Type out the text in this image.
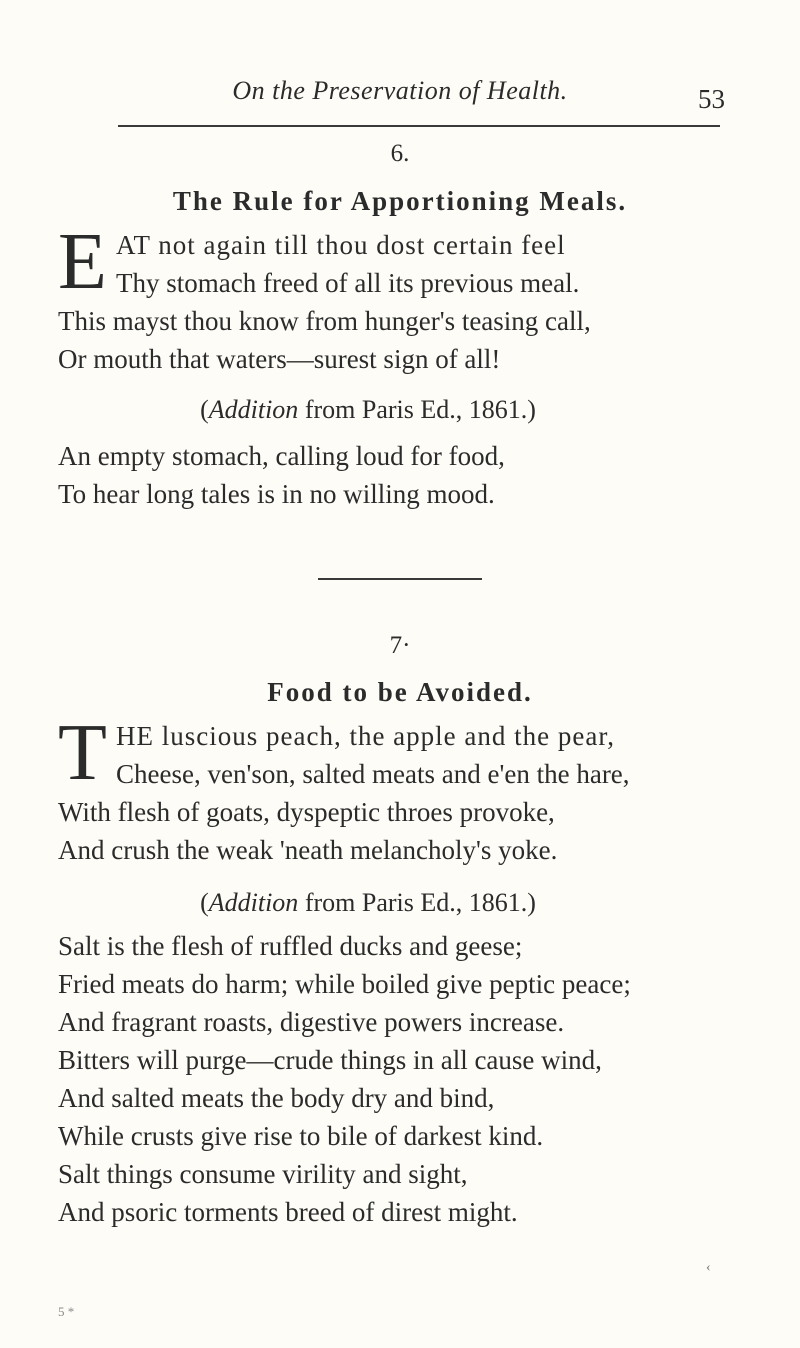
On the Preservation of Health.	53
6.
The Rule for Apportioning Meals.
E AT not again till thou dost certain feel
Thy stomach freed of all its previous meal.
This mayst thou know from hunger's teasing call,
Or mouth that waters—surest sign of all!
(Addition from Paris Ed., 1861.)
An empty stomach, calling loud for food,
To hear long tales is in no willing mood.
7·
Food to be Avoided.
T HE luscious peach, the apple and the pear,
Cheese, ven'son, salted meats and e'en the hare,
With flesh of goats, dyspeptic throes provoke,
And crush the weak 'neath melancholy's yoke.
(Addition from Paris Ed., 1861.)
Salt is the flesh of ruffled ducks and geese;
Fried meats do harm; while boiled give peptic peace;
And fragrant roasts, digestive powers increase.
Bitters will purge—crude things in all cause wind,
And salted meats the body dry and bind,
While crusts give rise to bile of darkest kind.
Salt things consume virility and sight,
And psoric torments breed of direst might.
‹
5 *
